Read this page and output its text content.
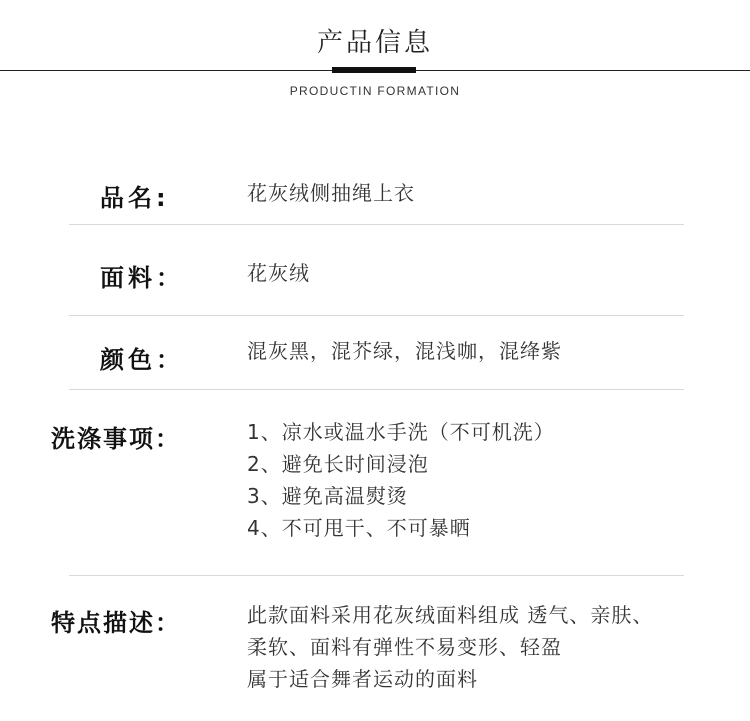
产品信息
PRODUCTIN FORMATION
品名:	花灰绒侧抽绳上衣
面料：	花灰绒
颜色：	混灰黑，混芥绿，混浅咖，混绛紫
洗涤事项：	1、凉水或温水手洗（不可机洗）
2、避免长时间浸泡
3、避免高温熨烫
4、不可甩干、不可暴晒
特点描述：	此款面料采用花灰绒面料组成 透气、亲肤、
柔软、面料有弹性不易变形、轻盈
属于适合舞者运动的面料
